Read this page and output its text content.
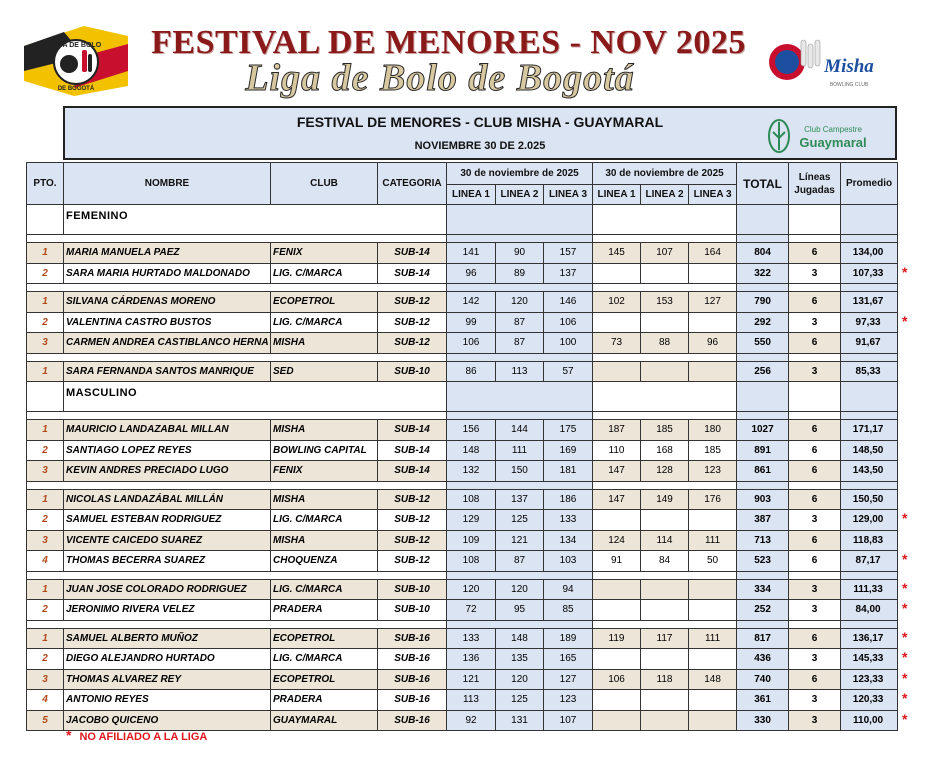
LIGA DE BOLO
DE BOGOTÁ
FESTIVAL DE MENORES - NOV 2025
Liga de Bolo de Bogotá	Misha
BOWLING CLUB
FESTIVAL DE MENORES - CLUB MISHA - GUAYMARAL
NOVIEMBRE 30 DE 2.025
Club Campestre
Guaymaral
PTO.	NOMBRE	CLUB	CATEGORIA	30 de noviembre de 2025			30 de noviembre de 2025			TOTAL	Líneas Jugadas	Promedio
				LINEA 1	LINEA 2	LINEA 3	LINEA 1	LINEA 2	LINEA 3			
	FEMENINO											

1	MARIA MANUELA PAEZ	FENIX	SUB-14	141	90	157	145	107	164	804	6	134,00
2	SARA MARIA HURTADO MALDONADO	LIG. C/MARCA	SUB-14	96	89	137				322	3	107,33

1	SILVANA CÁRDENAS MORENO	ECOPETROL	SUB-12	142	120	146	102	153	127	790	6	131,67
2	VALENTINA CASTRO BUSTOS	LIG. C/MARCA	SUB-12	99	87	106				292	3	97,33
3	CARMEN ANDREA CASTIBLANCO HERNA	MISHA	SUB-12	106	87	100	73	88	96	550	6	91,67

1	SARA FERNANDA SANTOS MANRIQUE	SED	SUB-10	86	113	57				256	3	85,33
	MASCULINO											

1	MAURICIO LANDAZABAL MILLAN	MISHA	SUB-14	156	144	175	187	185	180	1027	6	171,17
2	SANTIAGO LOPEZ REYES	BOWLING CAPITAL	SUB-14	148	111	169	110	168	185	891	6	148,50
3	KEVIN ANDRES PRECIADO LUGO	FENIX	SUB-14	132	150	181	147	128	123	861	6	143,50

1	NICOLAS LANDAZÁBAL MILLÁN	MISHA	SUB-12	108	137	186	147	149	176	903	6	150,50
2	SAMUEL ESTEBAN RODRIGUEZ	LIG. C/MARCA	SUB-12	129	125	133				387	3	129,00
3	VICENTE CAICEDO SUAREZ	MISHA	SUB-12	109	121	134	124	114	111	713	6	118,83
4	THOMAS BECERRA SUAREZ	CHOQUENZA	SUB-12	108	87	103	91	84	50	523	6	87,17

1	JUAN JOSE COLORADO RODRIGUEZ	LIG. C/MARCA	SUB-10	120	120	94				334	3	111,33
2	JERONIMO RIVERA VELEZ	PRADERA	SUB-10	72	95	85				252	3	84,00

1	SAMUEL ALBERTO MUÑOZ	ECOPETROL	SUB-16	133	148	189	119	117	111	817	6	136,17
2	DIEGO ALEJANDRO HURTADO	LIG. C/MARCA	SUB-16	136	135	165				436	3	145,33
3	THOMAS ALVAREZ REY	ECOPETROL	SUB-16	121	120	127	106	118	148	740	6	123,33
4	ANTONIO REYES	PRADERA	SUB-16	113	125	123				361	3	120,33
5	JACOBO QUICENO	GUAYMARAL	SUB-16	92	131	107				330	3	110,00
*
*
*
*
*
*
*
*
*
*
*
* NO AFILIADO A LA LIGA
